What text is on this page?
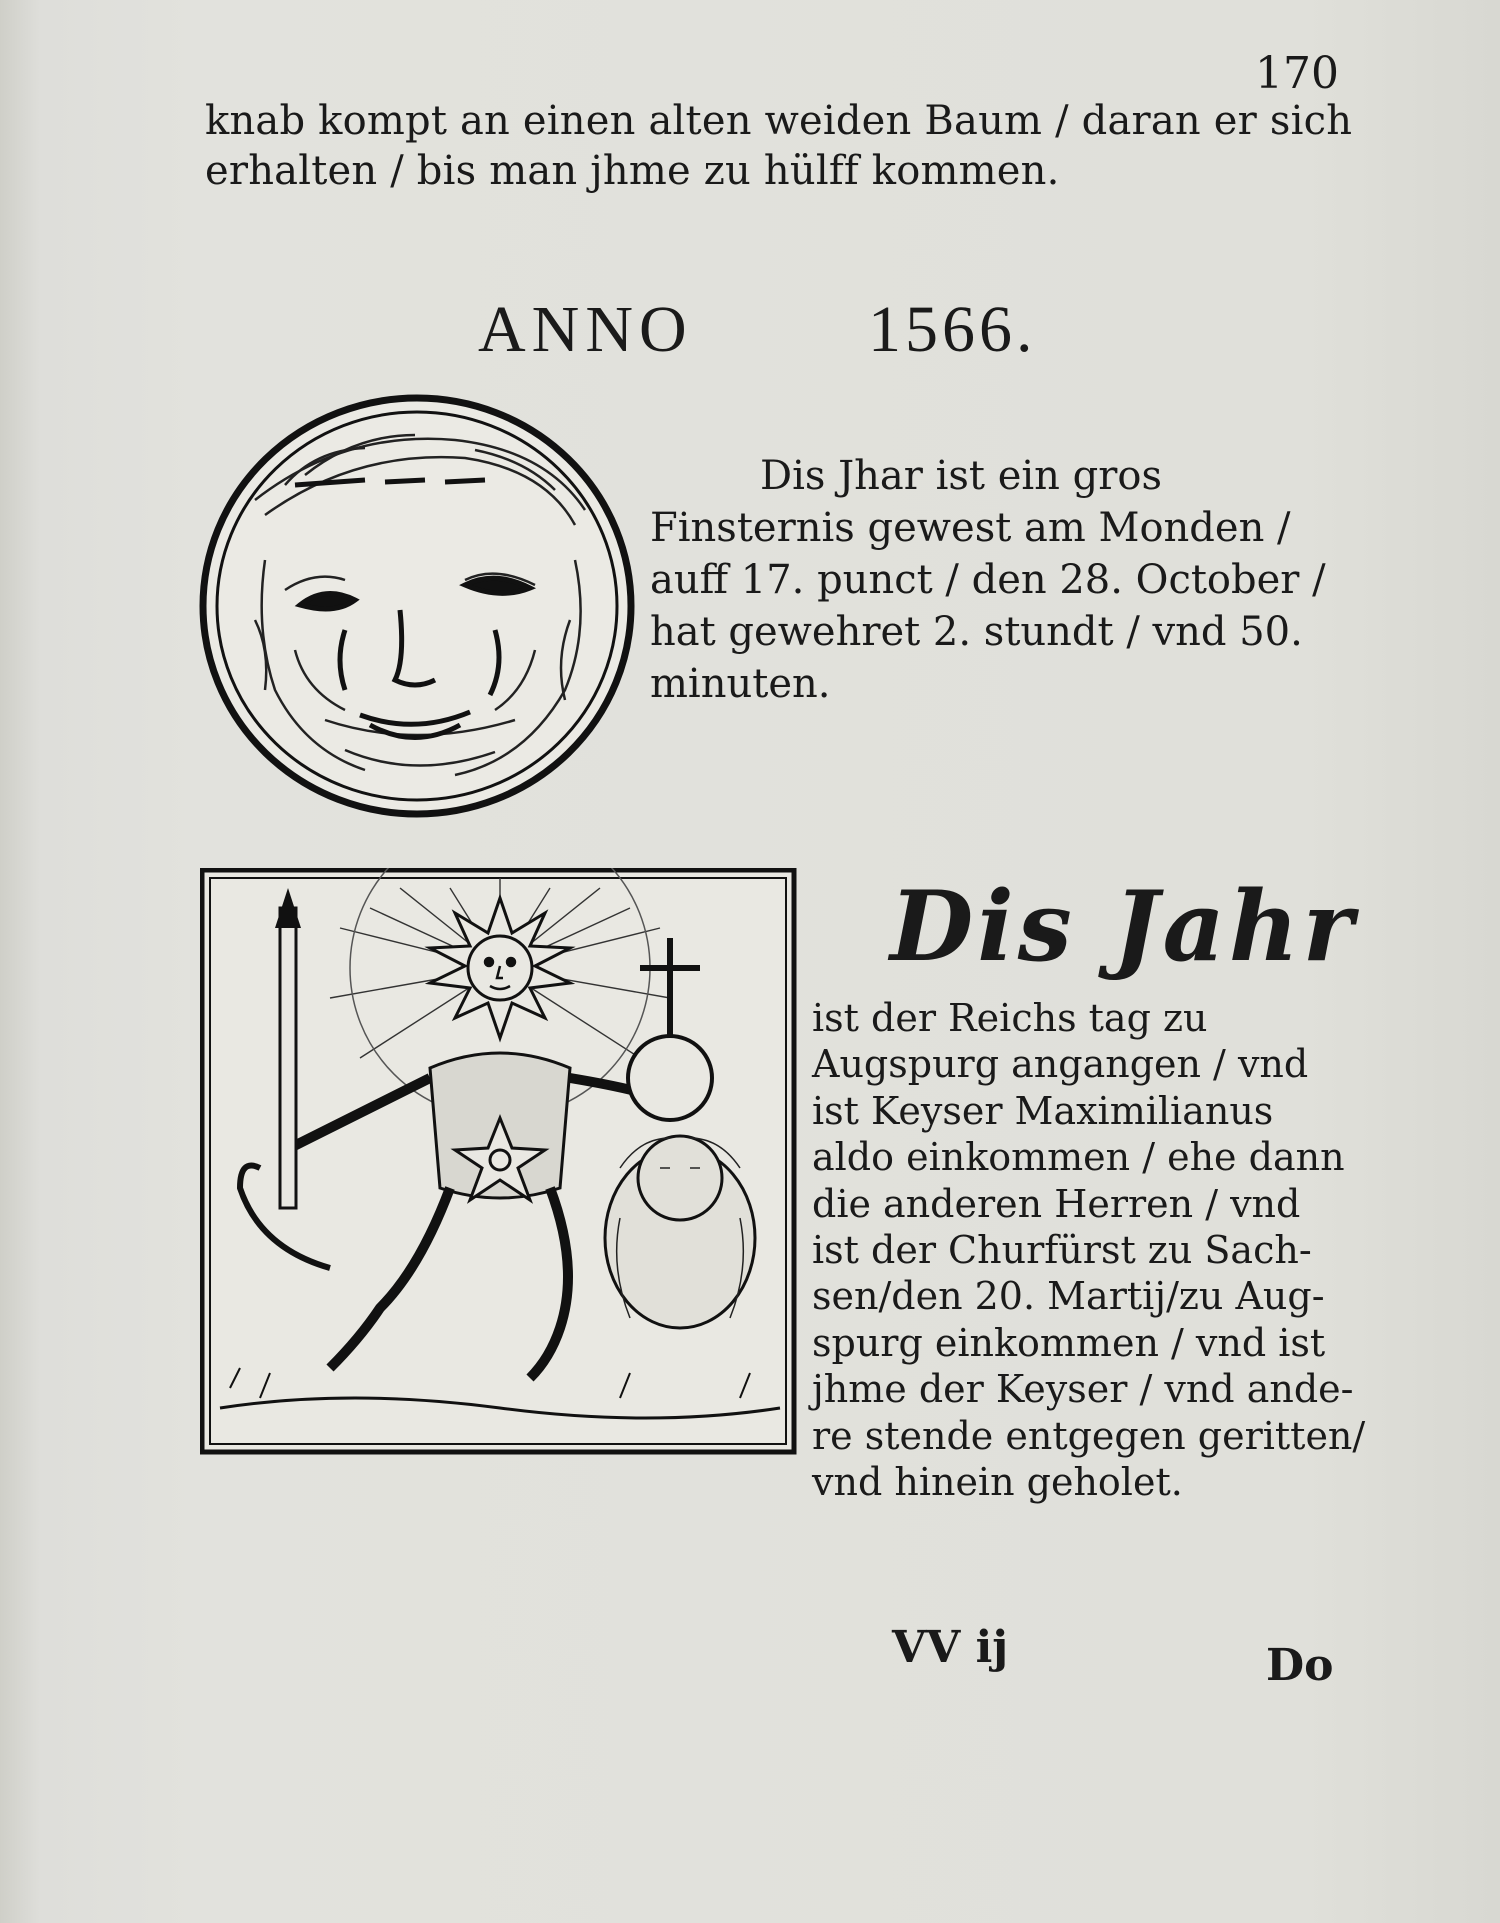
170
knab kompt an einen alten weiden Baum / daran er sich
erhalten / bis man jhme zu hülff kommen.
ANNO	1566.
Dis Jhar ist ein gros
Finsternis gewest am Monden /
auff 17. punct / den 28. October /
hat gewehret 2. stundt / vnd 50.
minuten.
Dis Jahr
ist der Reichs tag zu
Augspurg angangen / vnd
ist Keyser Maximilianus
aldo einkommen / ehe dann
die anderen Herren / vnd
ist der Churfürst zu Sach-
sen/den 20. Martij/zu Aug-
spurg einkommen / vnd ist
jhme der Keyser / vnd ande-
re stende entgegen geritten/
vnd hinein geholet.
VV ij	Do
